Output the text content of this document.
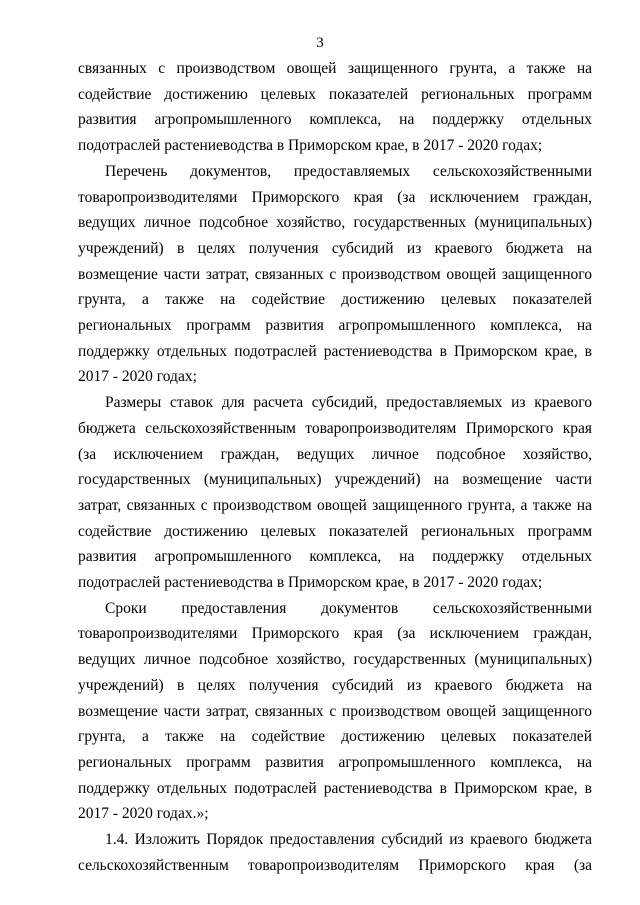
3

связанных с производством овощей защищенного грунта, а также на содействие достижению целевых показателей региональных программ развития агропромышленного комплекса, на поддержку отдельных подотраслей растениеводства в Приморском крае, в 2017 - 2020 годах;

Перечень документов, предоставляемых сельскохозяйственными товаропроизводителями Приморского края (за исключением граждан, ведущих личное подсобное хозяйство, государственных (муниципальных) учреждений) в целях получения субсидий из краевого бюджета на возмещение части затрат, связанных с производством овощей защищенного грунта, а также на содействие достижению целевых показателей региональных программ развития агропромышленного комплекса, на поддержку отдельных подотраслей растениеводства в Приморском крае, в 2017 - 2020 годах;

Размеры ставок для расчета субсидий, предоставляемых из краевого бюджета сельскохозяйственным товаропроизводителям Приморского края (за исключением граждан, ведущих личное подсобное хозяйство, государственных (муниципальных) учреждений) на возмещение части затрат, связанных с производством овощей защищенного грунта, а также на содействие достижению целевых показателей региональных программ развития агропромышленного комплекса, на поддержку отдельных подотраслей растениеводства в Приморском крае, в 2017 - 2020 годах;

Сроки предоставления документов сельскохозяйственными товаропроизводителями Приморского края (за исключением граждан, ведущих личное подсобное хозяйство, государственных (муниципальных) учреждений) в целях получения субсидий из краевого бюджета на возмещение части затрат, связанных с производством овощей защищенного грунта, а также на содействие достижению целевых показателей региональных программ развития агропромышленного комплекса, на поддержку отдельных подотраслей растениеводства в Приморском крае, в 2017 - 2020 годах.»;

1.4. Изложить Порядок предоставления субсидий из краевого бюджета сельскохозяйственным товаропроизводителям Приморского края (за
